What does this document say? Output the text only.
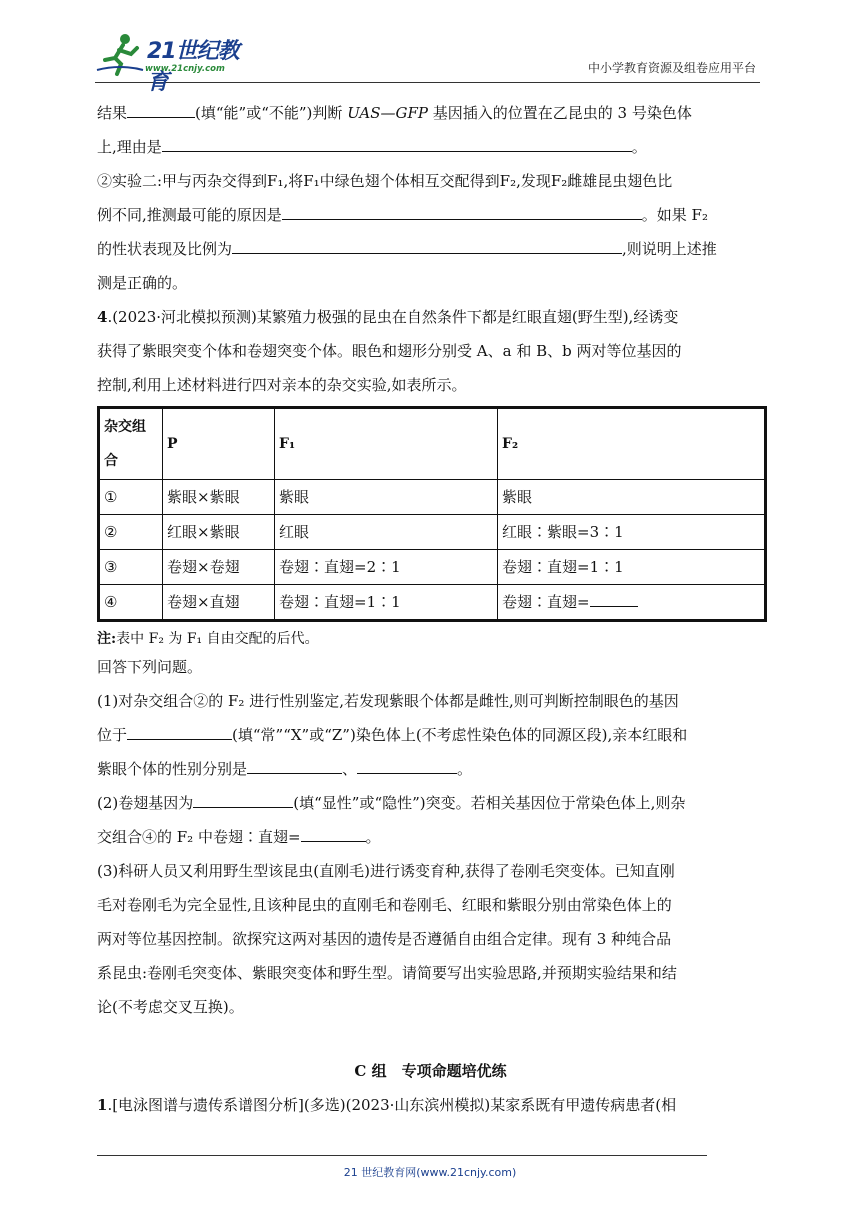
21世纪教育
www.21cnjy.com	中小学教育资源及组卷应用平台

结果	(填“能”或“不能”)判断 UAS—GFP 基因插入的位置在乙昆虫的 3 号染色体

上,理由是	。

②实验二:甲与丙杂交得到F₁,将F₁中绿色翅个体相互交配得到F₂,发现F₂雌雄昆虫翅色比

例不同,推测最可能的原因是	。如果 F₂

的性状表现及比例为	,则说明上述推

测是正确的。

4.(2023·河北模拟预测)某繁殖力极强的昆虫在自然条件下都是红眼直翅(野生型),经诱变

获得了紫眼突变个体和卷翅突变个体。眼色和翅形分别受 A、a 和 B、b 两对等位基因的

控制,利用上述材料进行四对亲本的杂交实验,如表所示。

杂交组合	P	F₁	F₂
①	紫眼×紫眼	紫眼	紫眼
②	红眼×紫眼	红眼	红眼∶紫眼=3∶1
③	卷翅×卷翅	卷翅∶直翅=2∶1	卷翅∶直翅=1∶1
④	卷翅×直翅	卷翅∶直翅=1∶1	卷翅∶直翅=

注:表中 F₂ 为 F₁ 自由交配的后代。

回答下列问题。

(1)对杂交组合②的 F₂ 进行性别鉴定,若发现紫眼个体都是雌性,则可判断控制眼色的基因

位于	(填“常”“X”或“Z”)染色体上(不考虑性染色体的同源区段),亲本红眼和

紫眼个体的性别分别是	、	。

(2)卷翅基因为	(填“显性”或“隐性”)突变。若相关基因位于常染色体上,则杂

交组合④的 F₂ 中卷翅∶直翅=	。

(3)科研人员又利用野生型该昆虫(直刚毛)进行诱变育种,获得了卷刚毛突变体。已知直刚

毛对卷刚毛为完全显性,且该种昆虫的直刚毛和卷刚毛、红眼和紫眼分别由常染色体上的

两对等位基因控制。欲探究这两对基因的遗传是否遵循自由组合定律。现有 3 种纯合品

系昆虫:卷刚毛突变体、紫眼突变体和野生型。请简要写出实验思路,并预期实验结果和结

论(不考虑交叉互换)。

C 组　专项命题培优练

1.[电泳图谱与遗传系谱图分析](多选)(2023·山东滨州模拟)某家系既有甲遗传病患者(相

21 世纪教育网(www.21cnjy.com)
